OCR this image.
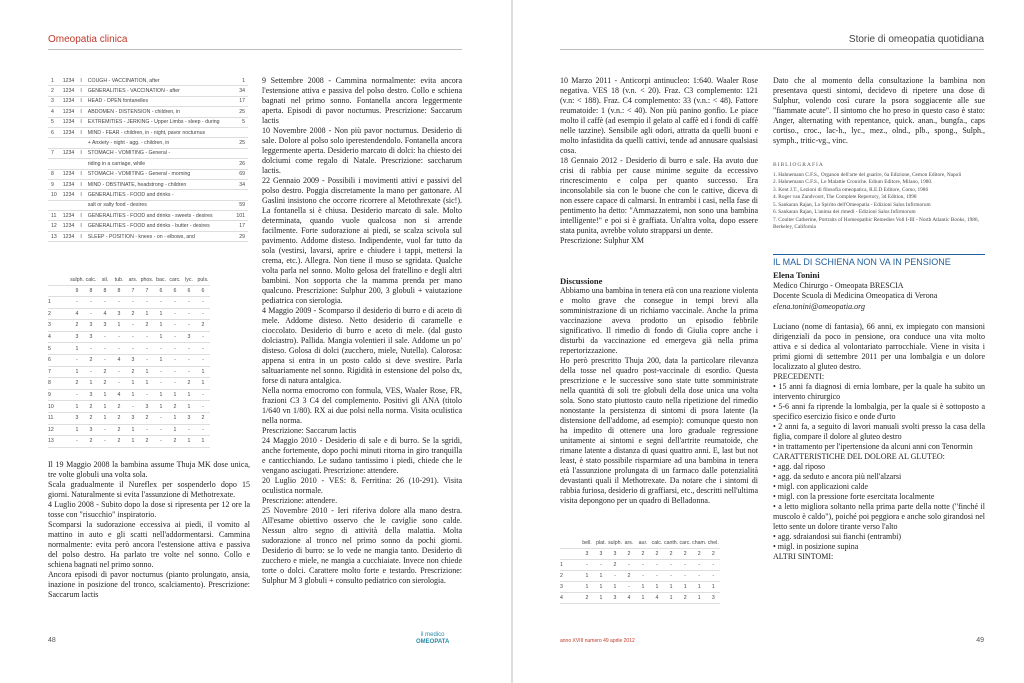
Omeopatia clinica	Storie di omeopatia quotidiana
1	1234	I	COUGH - VACCINATION, after	1
2	1234	I	GENERALITIES - VACCINATION - after	34
3	1234	I	HEAD - OPEN fontanelles	17
4	1234	I	ABDOMEN - DISTENSION - children, in	25
5	1234	I	EXTREMITIES - JERKING - Upper Limbs - sleep - during	5
6	1234	I	MIND - FEAR - children, in - night, pavor nocturnus	
			+ Anxiety - night - agg. - children, in	25
7	1234	I	STOMACH - VOMITING - General -	
			riding in a carriage, while	26
8	1234	I	STOMACH - VOMITING - General - morning	69
9	1234	I	MIND - OBSTINATE, headstrong - children	34
10	1234	I	GENERALITIES - FOOD and drinks -	
			salt or salty food - desires	59
11	1234	I	GENERALITIES - FOOD and drinks - sweets - desires	101
12	1234	I	GENERALITIES - FOOD and drinks - butter - desires	17
13	1234	I	SLEEP - POSITION - knees - on - elbows, and	29
	sulph.	calc.	sil.	tub.	ars.	phos.	bac.	carc.	lyc.	puls.
	9	8	8	8	7	7	6	6	6	6
1	-	-	-	-	-	-	-	-	-	-
2	4	-	4	3	2	1	1	-	-	-
3	2	3	3	1	-	2	1	-	-	2
4	3	3	-	-	-	-	1	-	3	-
5	1	-	-	-	-	-	-	-	-	-
6	-	2	-	4	3	-	1	-	-	-
7	1	-	2	-	2	1	-	-	-	1
8	2	1	2	-	1	1	-	-	2	1
9	-	3	1	4	1	-	1	1	1	-
10	1	2	1	2	-	3	1	2	1	-
11	3	2	1	2	3	2	-	1	3	2
12	1	3	-	2	1	-	-	1	-	-
13	-	2	-	2	1	2	-	2	1	1

Il 19 Maggio 2008 la bambina assume Thuja MK dose unica, tre volte globuli una volta sola.
Scala gradualmente il Nureflex per sospenderlo dopo 15 giorni. Naturalmente si evita l'assunzione di Methotrexate.
4 Luglio 2008 - Subito dopo la dose si ripresenta per 12 ore la tosse con "risucchio" inspiratorio.
Scomparsi la sudorazione eccessiva ai piedi, il vomito al mattino in auto e gli scatti nell'addormentarsi. Cammina normalmente: evita però ancora l'estensione attiva e passiva del polso destro. Ha parlato tre volte nel sonno. Collo e schiena bagnati nel primo sonno.
Ancora episodi di pavor nocturnus (pianto prolungato, ansia, inazione in posizione del tronco, scalciamento). Prescrizione: Saccarum lactis

9 Settembre 2008 - Cammina normalmente: evita ancora l'estensione attiva e passiva del polso destro. Collo e schiena bagnati nel primo sonno. Fontanella ancora leggermente aperta. Episodi di pavor nocturnus. Prescrizione: Saccarum lactis
10 Novembre 2008 - Non più pavor nocturnus. Desiderio di sale. Dolore al polso solo iperestendendolo. Fontanella ancora leggermente aperta. Desiderio marcato di dolci: ha chiesto dei dolciumi come regalo di Natale. Prescrizione: saccharum lactis.
22 Gennaio 2009 - Possibili i movimenti attivi e passivi del polso destro. Poggia discretamente la mano per gattonare. Al Gaslini insistono che occorre ricorrere al Metothrexate (sic!). La fontanella si è chiusa. Desiderio marcato di sale. Molto determinata, quando vuole qualcosa non si arrende facilmente. Forte sudorazione ai piedi, se scalza scivola sul pavimento. Addome disteso. Indipendente, vuol far tutto da sola (vestirsi, lavarsi, aprire e chiudere i tappi, mettersi la crema, etc.). Allegra. Non tiene il muso se sgridata. Qualche volta parla nel sonno. Molto gelosa del fratellino e degli altri bambini. Non sopporta che la mamma prenda per mano qualcuno. Prescrizione: Sulphur 200, 3 globuli + vaiutazione pediatrica con sierologia.
4 Maggio 2009 - Scomparso il desiderio di burro e di aceto di mele. Addome disteso. Netto desiderio di caramelle e cioccolato. Desiderio di burro e aceto di mele. (dal gusto dolciastro). Pallida. Mangia volentieri il sale. Addome un po' disteso. Golosa di dolci (zucchero, miele, Nutella). Calorosa: appena si entra in un posto caldo si deve svestire. Parla saltuariamente nel sonno. Rigidità in estensione del polso dx, forse di natura antalgica.
Nella norma emocromo con formula, VES, Waaler Rose, FR, frazioni C3 3 C4 del complemento. Positivi gli ANA (titolo 1/640 vn 1/80). RX ai due polsi nella norma. Visita oculistica nella norma.
Prescrizione: Saccarum lactis
24 Maggio 2010 - Desiderio di sale e di burro. Se la sgridi, anche fortemente, dopo pochi minuti ritorna in giro tranquilla e canticchiando. Le sudano tantissimo i piedi, chiede che le vengano asciugati. Prescrizione: attendere.
20 Luglio 2010 - VES: 8. Ferritina: 26 (10-291). Visita oculistica normale.
Prescrizione: attendere.
25 Novembre 2010 - Ieri riferiva dolore alla mano destra. All'esame obiettivo osservo che le caviglie sono calde. Nessun altro segno di attività della malattia. Molta sudorazione al tronco nel primo sonno da pochi giorni. Desiderio di burro: se lo vede ne mangia tanto. Desiderio di zucchero e miele, ne mangia a cucchiaiate. Invece non chiede torte o dolci. Carattere molto forte e testardo. Prescrizione: Sulphur M 3 globuli + consulto pediatrico con sierologia.

10 Marzo 2011 - Anticorpi antinucleo: 1:640. Waaler Rose negativa. VES 18 (v.n. < 20). Fraz. C3 complemento: 121 (v.n: < 188). Fraz. C4 complemento: 33 (v.n.: < 48). Fattore reumatoide: 1 (v.n.: < 40). Non più panino gonfio. Le piace molto il caffè (ad esempio il gelato al caffè ed i fondi di caffè nelle tazzine). Sensibile agli odori, attratta da quelli buoni e molto infastidita da quelli cattivi, tende ad annusare qualsiasi cosa.
18 Gennaio 2012 - Desiderio di burro e sale. Ha avuto due crisi di rabbia per cause minime seguite da eccessivo rincrescimento e colpa per quanto successo. Era inconsolabile sia con le buone che con le cattive, diceva di non essere capace di calmarsi. In entrambi i casi, nella fase di pentimento ha detto: "Ammazzatemi, non sono una bambina intelligente!" e poi si è graffiata. Un'altra volta, dopo essere stata punita, avrebbe voluto strapparsi un dente.
Prescrizione: Sulphur XM

Discussione

Abbiamo una bambina in tenera età con una reazione violenta e molto grave che consegue in tempi brevi alla somministrazione di un richiamo vaccinale. Anche la prima vaccinazione aveva prodotto un episodio febbrile significativo. Il rimedio di fondo di Giulia copre anche i disturbi da vaccinazione ed emergeva già nella prima repertorizzazione.
Ho però prescritto Thuja 200, data la particolare rilevanza della tosse nel quadro post-vaccinale di esordio. Questa prescrizione e le successive sono state tutte somministrate nella quantità di soli tre globuli della dose unica una volta sola. Sono stato piuttosto cauto nella ripetizione del rimedio nonostante la persistenza di sintomi di psora latente (la distensione dell'addome, ad esempio): comunque questo non ha impedito di ottenere una loro graduale regressione unitamente ai sintomi e segni dell'artrite reumatoide, che rimane latente a distanza di quasi quattro anni. E, last but not least, è stato possibile risparmiare ad una bambina in tenera età l'assunzione prolungata di un farmaco dalle potenzialità devastanti quali il Methotrexate. Da notare che i sintomi di rabbia furiosa, desiderio di graffiarsi, etc., descritti nell'ultima visita depongono per un quadro di Belladonna.

	bell.	plat.	sulph.	ars.	aur.	calc.	canth.	carc.	cham.	chel.
	3	3	3	2	2	2	2	2	2	2
1	-	-	2	-	-	-	-	-	-	-
2	1	1	-	2	-	-	-	-	-	-
3	1	1	1	-	1	1	1	1	1	1
4	2	1	3	4	1	4	1	2	1	3

Dato che al momento della consultazione la bambina non presentava questi sintomi, decidevo di ripetere una dose di Sulphur, volendo così curare la psora soggiacente alle sue "fiammate acute". Il sintomo che ho preso in questo caso è stato: Anger, alternating with repentance, quick. anan., bungfa., caps cortiso., croc., lac-h., lyc., mez., olnd., plb., spong., Sulph., symph., tritic-vg., vinc.

BIBLIOGRAFIA
1. Hahnemann C.F.S., Organon dell'arte del guarire, 6a Edizione, Cemon Editore, Napoli
2. Hahnemann C.F.S., Le Malattie Croniche. Edium Editore, Milano, 1980.
3. Kent J.T., Lezioni di filosofia omeopatica, R.E.D Editore, Como, 1986
4. Roger van Zandvoort, The Complete Repertory, 3d Edition, 1998
5. Sankaran Rajan, Lo Spirito dell'Omeopatia - Edizioni Salus Infirmorum
6. Sankaran Rajan, L'anima dei rimedi - Edizioni Salus Infirmorum
7. Coulter Catherine, Portraits of Homeopathic Remedies Voll I-III - North Atlantic Books, 1986, Berkeley, California
IL MAL DI SCHIENA NON VA IN PENSIONE
Elena Tonini
Medico Chirurgo - Omeopata BRESCIA
Docente Scuola di Medicina Omeopatica di Verona
elena.tonini@omeopatia.org

Luciano (nome di fantasia), 66 anni, ex impiegato con mansioni dirigenziali da poco in pensione, ora conduce una vita molto attiva e si dedica al volontariato parrocchiale. Viene in visita i primi giorni di settembre 2011 per una lombalgia e un dolore localizzato al gluteo destro.

PRECEDENTI:
• 15 anni fa diagnosi di ernia lombare, per la quale ha subito un intervento chirurgico
• 5-6 anni fa riprende la lombalgia, per la quale si è sottoposto a specifico esercizio fisico e onde d'urto
• 2 anni fa, a seguito di lavori manuali svolti presso la casa della figlia, compare il dolore al gluteo destro
• in trattamento per l'ipertensione da alcuni anni con Tenormin
CARATTERISTICHE DEL DOLORE AL GLUTEO:
• agg. dal riposo
• agg. da seduto e ancora più nell'alzarsi
• migl. con applicazioni calde
• migl. con la pressione forte esercitata localmente
• a letto migliora soltanto nella prima parte della notte ("finché il muscolo è caldo"), poiché poi peggiora e anche solo girandosi nel letto sente un dolore tirante verso l'alto
• agg. sdraiandosi sui fianchi (entrambi)
• migl. in posizione supina
ALTRI SINTOMI:
48
il medico
OMEOPATA	anno XVIII numero 49 aprile 2012	49
